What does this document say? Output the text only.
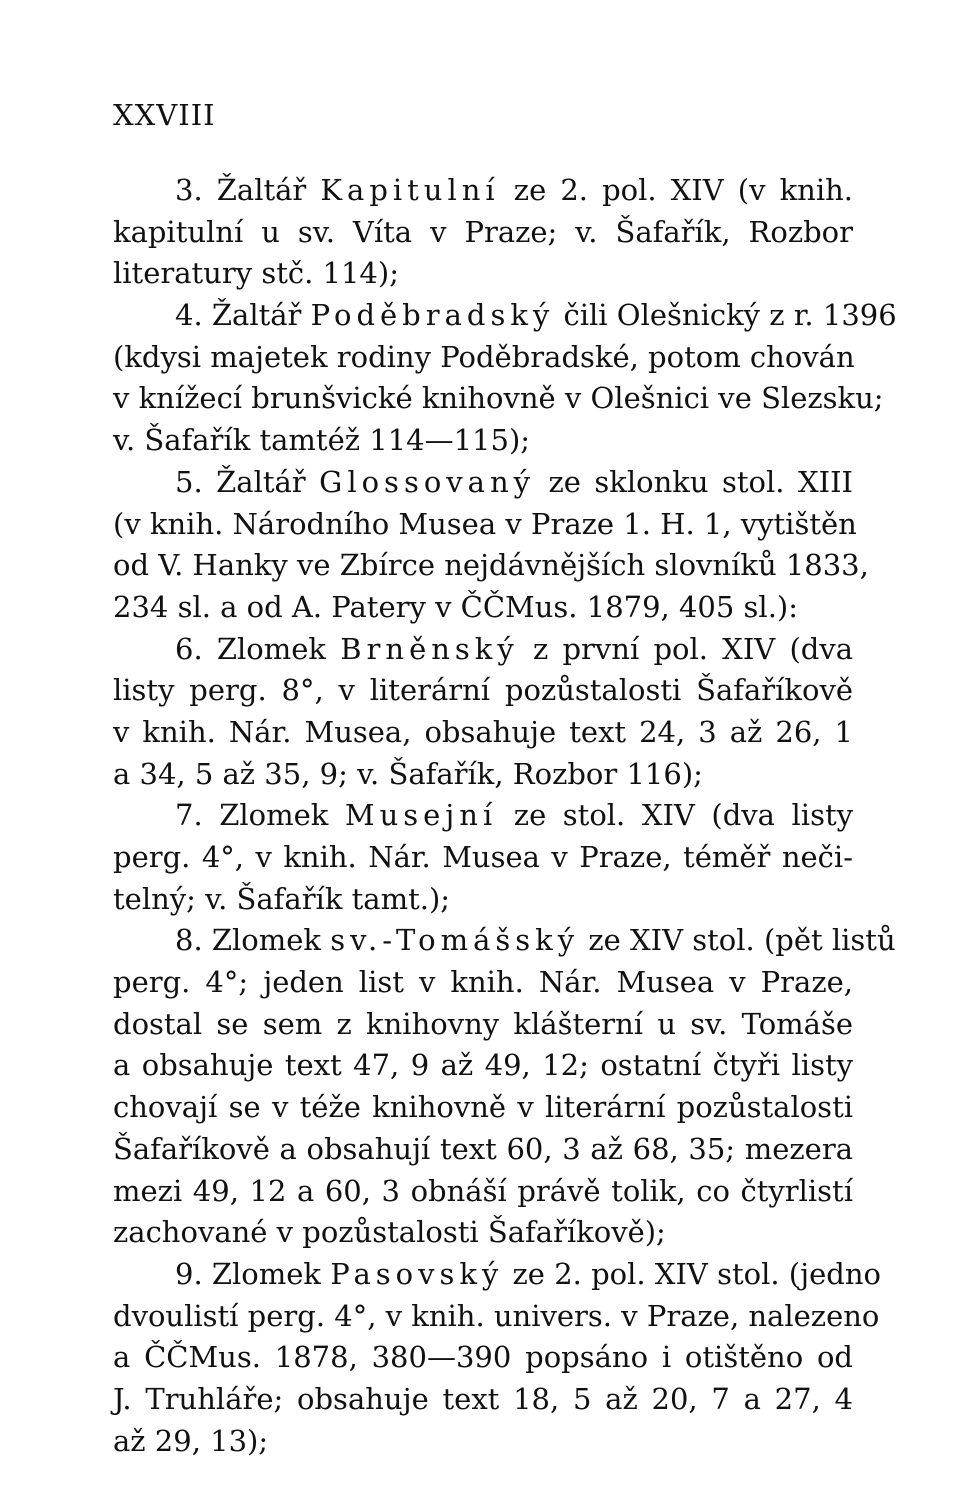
XXVIII
3. Žaltář Kapitulní ze 2. pol. XIV (v knih.
kapitulní u sv. Víta v Praze; v. Šafařík, Rozbor
literatury stč. 114);
4. Žaltář Poděbradský čili Olešnický z r. 1396
(kdysi majetek rodiny Poděbradské, potom chován
v knížecí brunšvické knihovně v Olešnici ve Slezsku;
v. Šafařík tamtéž 114—115);
5. Žaltář Glossovaný ze sklonku stol. XIII
(v knih. Národního Musea v Praze 1. H. 1, vytištěn
od V. Hanky ve Zbírce nejdávnějších slovníků 1833,
234 sl. a od A. Patery v ČČMus. 1879, 405 sl.):
6. Zlomek Brněnský z první pol. XIV (dva
listy perg. 8°, v literární pozůstalosti Šafaříkově
v knih. Nár. Musea, obsahuje text 24, 3 až 26, 1
a 34, 5 až 35, 9; v. Šafařík, Rozbor 116);
7. Zlomek Musejní ze stol. XIV (dva listy
perg. 4°, v knih. Nár. Musea v Praze, téměř neči-
telný; v. Šafařík tamt.);
8. Zlomek sv.-Tomášský ze XIV stol. (pět listů
perg. 4°; jeden list v knih. Nár. Musea v Praze,
dostal se sem z knihovny klášterní u sv. Tomáše
a obsahuje text 47, 9 až 49, 12; ostatní čtyři listy
chovají se v téže knihovně v literární pozůstalosti
Šafaříkově a obsahují text 60, 3 až 68, 35; mezera
mezi 49, 12 a 60, 3 obnáší právě tolik, co čtyrlistí
zachované v pozůstalosti Šafaříkově);
9. Zlomek Pasovský ze 2. pol. XIV stol. (jedno
dvoulistí perg. 4°, v knih. univers. v Praze, nalezeno
a ČČMus. 1878, 380—390 popsáno i otištěno od
J. Truhláře; obsahuje text 18, 5 až 20, 7 a 27, 4
až 29, 13);
